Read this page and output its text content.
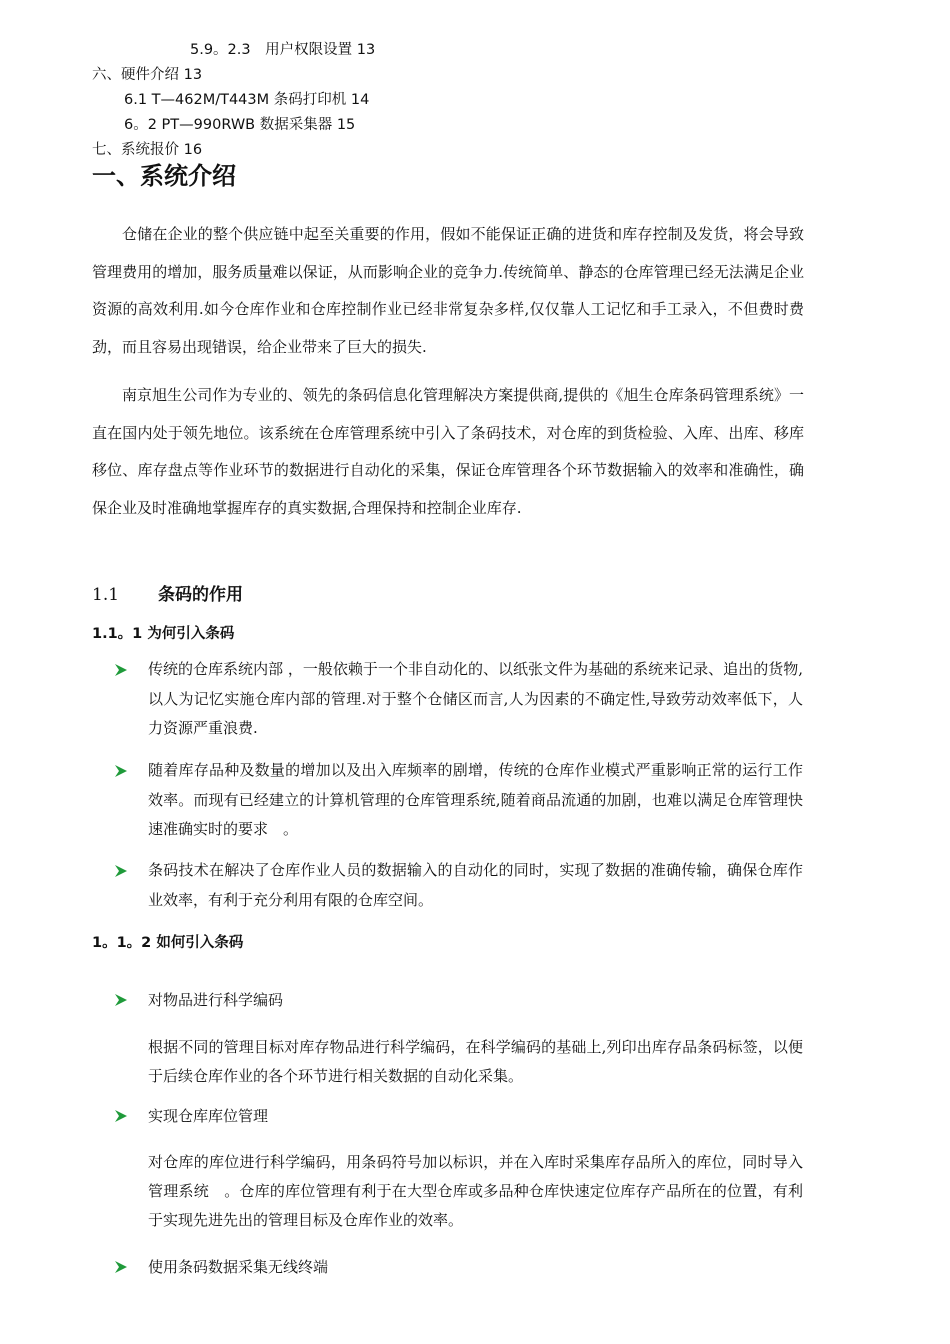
5.9。2.3　用户权限设置 13
六、硬件介绍 13
6.1 T—462M/T443M 条码打印机 14
6。2 PT—990RWB 数据采集器 15
七、系统报价 16
一、系统介绍

仓储在企业的整个供应链中起至关重要的作用，假如不能保证正确的进货和库存控制及发货，将会导致管理费用的增加，服务质量难以保证，从而影响企业的竞争力.传统简单、静态的仓库管理已经无法满足企业资源的高效利用.如今仓库作业和仓库控制作业已经非常复杂多样,仅仅靠人工记忆和手工录入，不但费时费劲，而且容易出现错误，给企业带来了巨大的损失.

南京旭生公司作为专业的、领先的条码信息化管理解决方案提供商,提供的《旭生仓库条码管理系统》一直在国内处于领先地位。该系统在仓库管理系统中引入了条码技术，对仓库的到货检验、入库、出库、移库移位、库存盘点等作业环节的数据进行自动化的采集，保证仓库管理各个环节数据输入的效率和准确性，确保企业及时准确地掌握库存的真实数据,合理保持和控制企业库存.

1.1 条码的作用
1.1。1 为何引入条码

传统的仓库系统内部 ，一般依赖于一个非自动化的、以纸张文件为基础的系统来记录、追出的货物,以人为记忆实施仓库内部的管理.对于整个仓储区而言,人为因素的不确定性,导致劳动效率低下，人力资源严重浪费.

随着库存品种及数量的增加以及出入库频率的剧增，传统的仓库作业模式严重影响正常的运行工作效率。而现有已经建立的计算机管理的仓库管理系统,随着商品流通的加剧，也难以满足仓库管理快速准确实时的要求　。

条码技术在解决了仓库作业人员的数据输入的自动化的同时，实现了数据的准确传输，确保仓库作业效率，有利于充分利用有限的仓库空间。

1。1。2 如何引入条码
对物品进行科学编码

根据不同的管理目标对库存物品进行科学编码，在科学编码的基础上,列印出库存品条码标签，以便于后续仓库作业的各个环节进行相关数据的自动化采集。

实现仓库库位管理

对仓库的库位进行科学编码，用条码符号加以标识，并在入库时采集库存品所入的库位，同时导入管理系统　。仓库的库位管理有利于在大型仓库或多品种仓库快速定位库存产品所在的位置，有利于实现先进先出的管理目标及仓库作业的效率。

使用条码数据采集无线终端
